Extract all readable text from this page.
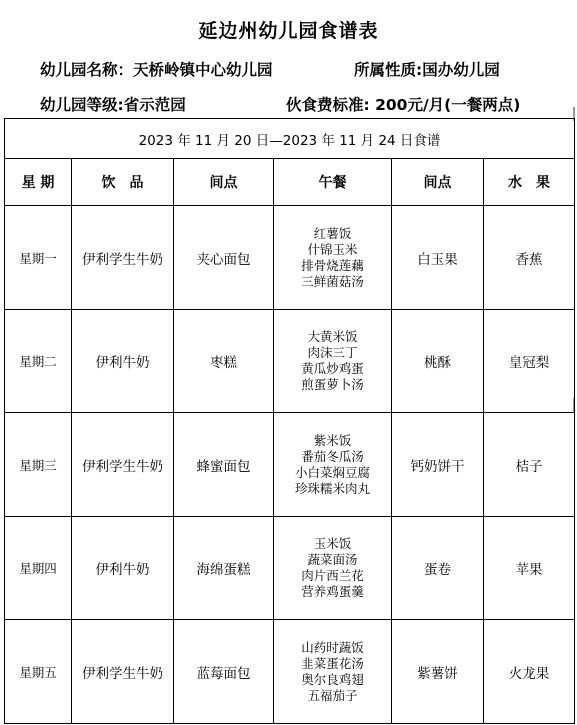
延边州幼儿园食谱表
幼儿园名称：天桥岭镇中心幼儿园	所属性质:国办幼儿园
幼儿园等级:省示范园	伙食费标准: 200元/月(一餐两点)
2023 年 11 月 20 日—2023 年 11 月 24 日食谱					
星 期	饮　品	间点	午餐	间点	水　果
星期一	伊利学生牛奶	夹心面包	红薯饭
什锦玉米
排骨烧莲藕
三鲜菌菇汤	白玉果	香蕉
星期二	伊利牛奶	枣糕	大黄米饭
肉沫三丁
黄瓜炒鸡蛋
煎蛋萝卜汤	桃酥	皇冠梨
星期三	伊利学生牛奶	蜂蜜面包	紫米饭
番茄冬瓜汤
小白菜焖豆腐
珍珠糯米肉丸	钙奶饼干	桔子
星期四	伊利牛奶	海绵蛋糕	玉米饭
蔬菜面汤
肉片西兰花
营养鸡蛋羹	蛋卷	苹果
星期五	伊利学生牛奶	蓝莓面包	山药时蔬饭
韭菜蛋花汤
奥尔良鸡翅
五福茄子	紫薯饼	火龙果
